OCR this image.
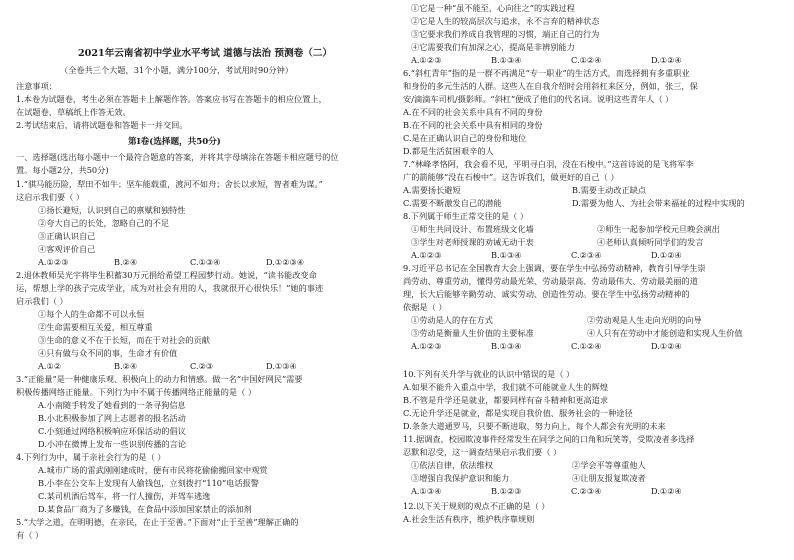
2021年云南省初中学业水平考试 道德与法治 预测卷（二）
（全卷共三个大题，31个小题，满分100分，考试用时90分钟）
注意事项：
1.本卷为试题卷，考生必须在答题卡上解题作答。答案应书写在答题卡的相应位置上，
在试题卷、草稿纸上作答无效。
2.考试结束后，请将试题卷和答题卡一并交回。
第Ⅰ卷(选择题，共50分)
一、选择题(选出每小题中一个最符合题意的答案，并将其字母填涂在答题卡相应题号的位
置。每小题2分，共50分)
1.“骐马能历险，犁田不如牛；坚车能载重，渡河不如舟；舍长以求短，智者难为谋。”
这启示我们要（ ）
①扬长避短，认识到自己的禀赋和独特性
②夸大自己的长处，忽略自己的不足
③正确认识自己
④客观评价自己
A.①②③	B.②④	C.①③④	D.①②③④
2.退休教师吴光宇将毕生积蓄30万元捐给希望工程园梦行动。她说，“读书能改变命
运，帮想上学的孩子完成学业，成为对社会有用的人，我就很开心很快乐！”她的事迹
启示我们（ ）
①每个人的生命都不可以永恒
②生命需要相互关爱，相互尊重
③生命的意义不在于长短，而在于对社会的贡献
④只有做与众不同的事，生命才有价值
A.①②	B.②④	C.②③	D.①③④
3.“正能量”是一种健康乐观、积极向上的动力和情感。做一名“中国好网民”需要
积极传播网络正能量。下列行为中不属于传播网络正能量的是（ ）
A.小南随手转发了她看到的一条寻狗信息
B.小北积极参加了网上志愿者的报名活动
C.小刻通过网络积极响应环保活动的倡议
D.小冲在微博上发布一些识别传播的言论
4.下列行为中，属于亲社会行为的是（ ）
A.城市广场的雷武刚刚建成时，便有市民将花偷偷搬回家中观赏
B.小李在公交车上发现有人偷钱包，立刻拨打“110”电话报警
C.某司机酒后驾车，将一行人撞伤，并驾车逃逸
D.某食品厂商为了多赚钱，在食品中添加国家禁止的添加剂
5.“大学之道，在明明德，在亲民，在止于至善。”下面对“止于至善”理解正确的
有（ ）
①它是一种“虽不能至，心向往之”的实践过程
②它是人生的较高层次与追求，永不言弃的精神状态
③它要求我们养成自我管理的习惯，端正自己的行为
④它需要我们有加深之心，提高是非辨别能力
A.①②③	B.①③④	C.①②④	D.①②④
6.“斜杠青年”指的是一群不再满足“专一职业”的生活方式，而选择拥有多重职业
和身份的多元生活的人群。这些人在自我介绍时会用斜杠来区分，例如，张三，保
安/滴滴车司机/摄影师。“斜杠”便成了他们的代名词。说明这些青年人（ ）
A.在不同的社会关系中具有不同的身份
B.在不同的社会关系中具有相同的身份
C.是在正确认识自己的身份和地位
D.都是生活贫困艰辛的人
7.“林峰孝恪阿，我会看不见，平明寻白羽，没在石梭中。”这首诗说的是飞将军李
广的箭能够“没在石梭中”。这告诉我们，做更好的自己（ ）
A.需要扬长避短	B.需要主动改正缺点
C.需要不断激发自己的潜能	D.需要为他人、为社会带来福祉的过程中实现的
8.下列属于师生正常交往的是（ ）
①师生共同设计、布置班级文化墙	②师生一起参加学校元旦晚会演出
③学生对老师授课的劝诫无动于衷	④老师认真倾听同学们的发言
A.①②③	B.①③④	C.②③④	D.①②④
9.习近平总书记在全国教育大会上强调，要在学生中弘扬劳动精神，教育引导学生崇
尚劳动、尊重劳动，懂得劳动最光荣、劳动最崇高、劳动最伟大、劳动最美丽的道
理，长大后能够辛勤劳动、诚实劳动、创造性劳动。要在学生中弘扬劳动精神的
依据是（ ）
①劳动是人的存在方式	②劳动观是人生走向光明的向导
③劳动是衡量人生价值的主要标准	④人只有在劳动中才能创造和实现人生价值
A.①②③	B.①③④	C.①②④	D.①②④
10.下列有关升学与就业的认识中错误的是（ ）
A.如果不能升入重点中学，我们就不可能就业人生的辉煌
B.不管是升学还是就业，都要同样有奋斗精神和更高追求
C.无论升学还是就业，都是实现自我价值、服务社会的一种途径
D.条条大道通罗马，只要不断进取、努力向上，每个人都会有光明的未来
11.据调查，校园欺凌事件经常发生在同学之间的口角和玩笑等，受欺凌者多选择
忍默和忍受，这一调查结果启示我们要（ ）
①依法自律，依法维权	②学会平等尊重他人
③增强自我保护意识和能力	④让朋友报复欺凌者
A.①③④	B.①②③	C.②③④	D.①②④
12.以下关于规则的观点不正确的是（ ）
A.社会生活有秩序，维护秩序靠规则
